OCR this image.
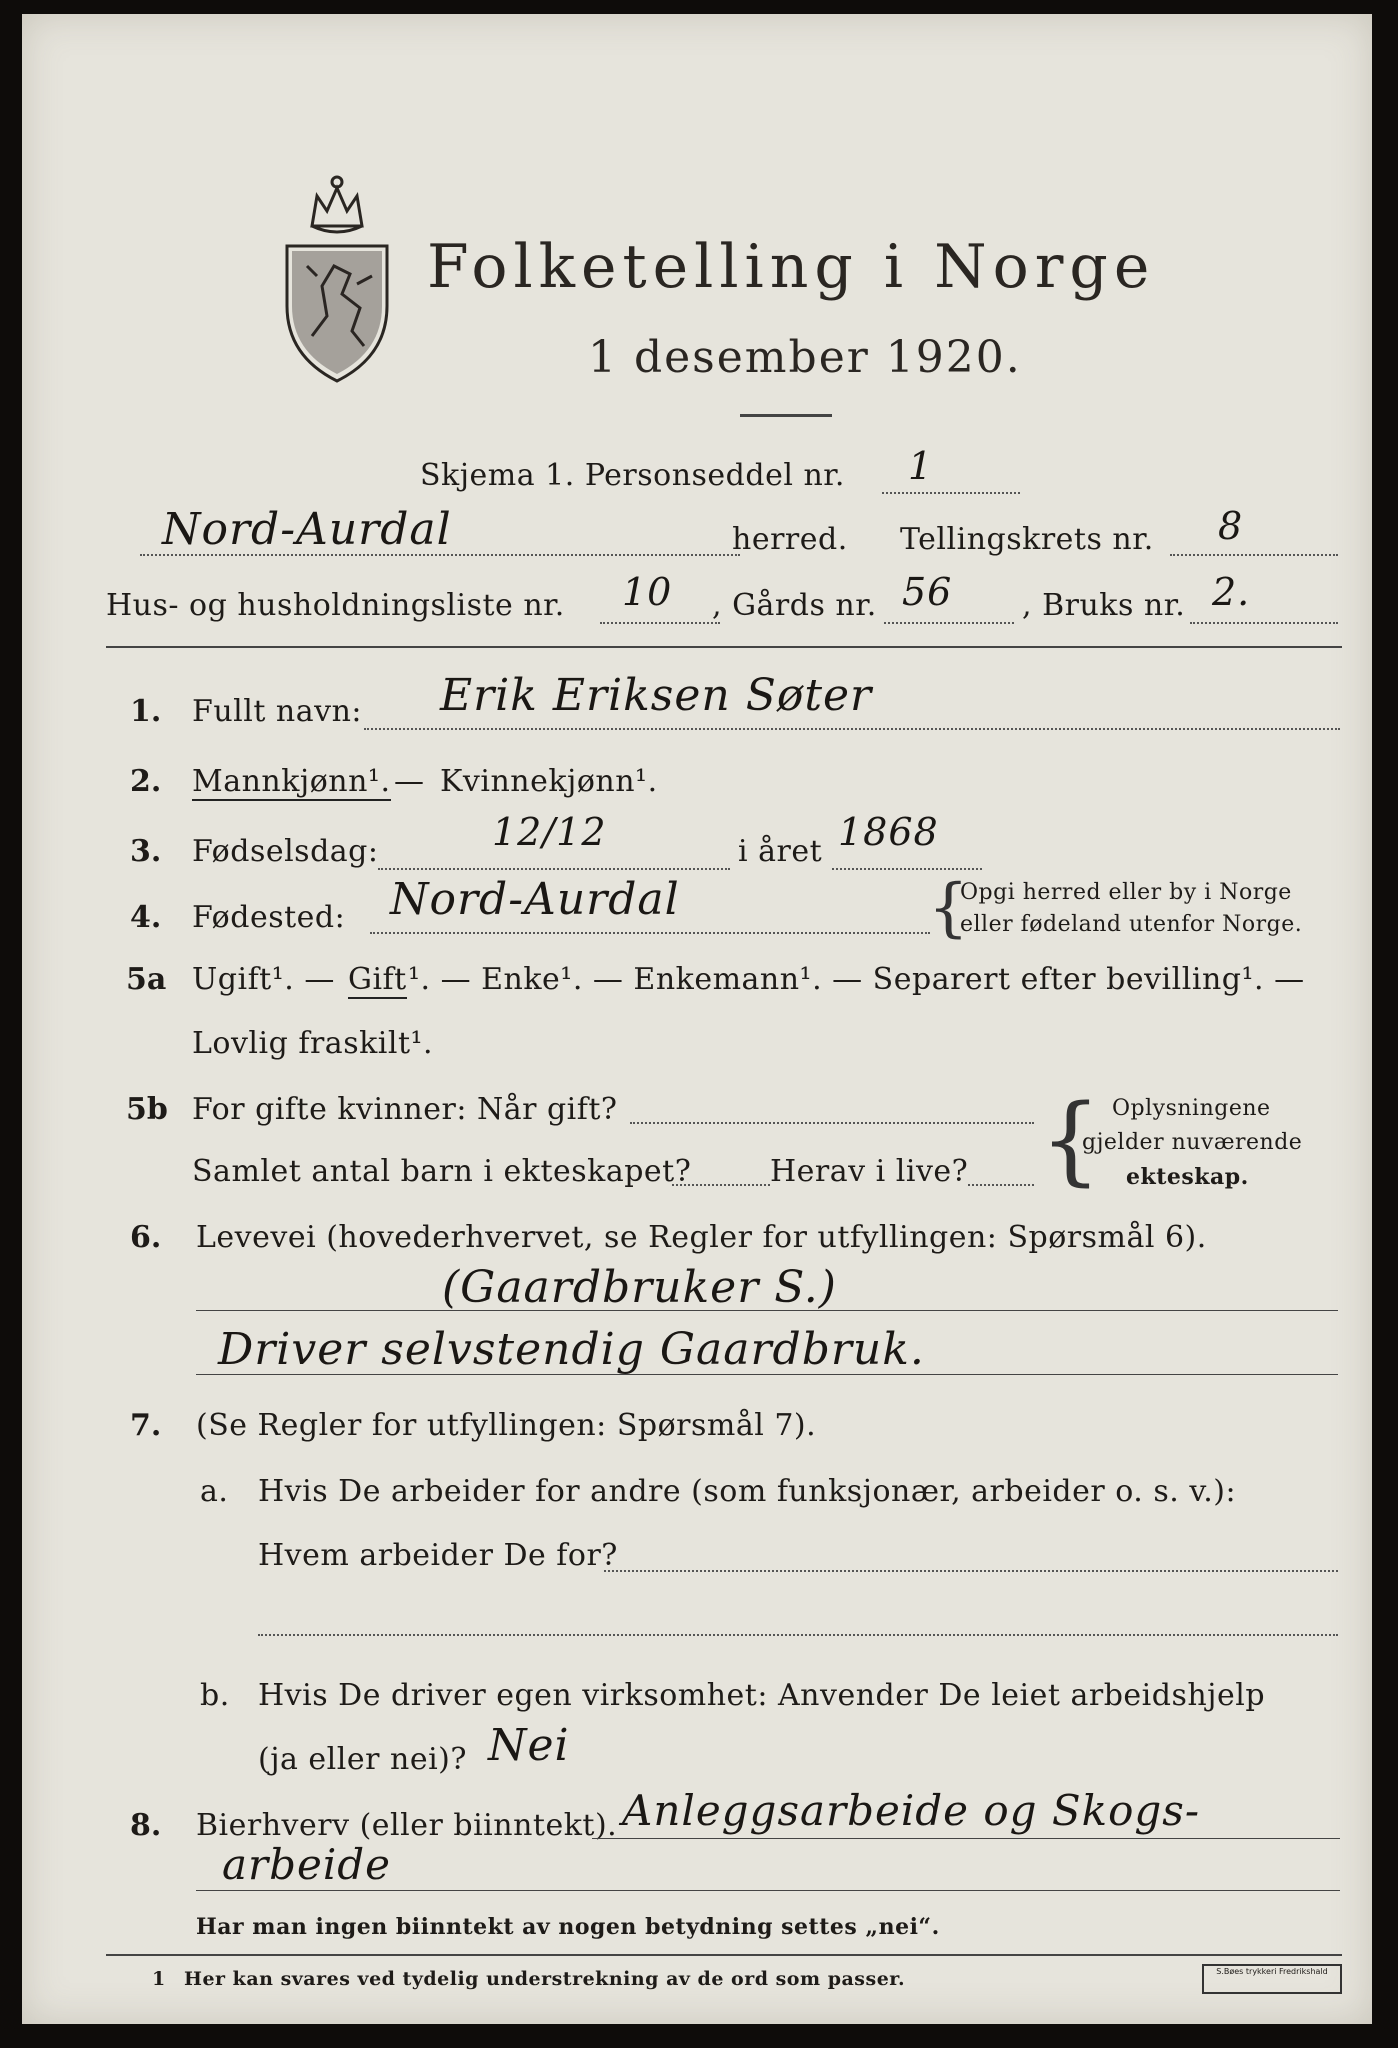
Folketelling i Norge
1 desember 1920.
Skjema 1. Personseddel nr. 1
Nord-Aurdal	herred. Tellingskrets nr. 8
Hus- og husholdningsliste nr. 10 , Gårds nr. 56 , Bruks nr. 2.
1. Fullt navn: Erik Eriksen Søter
2. Mannkjønn¹. — Kvinnekjønn¹.
3. Fødselsdag:	12/12	i året 1868
4. Fødested: Nord-Aurdal	{
Opgi herred eller by i Norge
eller fødeland utenfor Norge.
5a Ugift¹. — Gift ¹. — Enke¹. — Enkemann¹. — Separert efter bevilling¹. —
Lovlig fraskilt¹.
5b For gifte kvinner: Når gift?
Samlet antal barn i ekteskapet?	Herav i live? { Oplysningene
gjelder nuværende
ekteskap.
6. Levevei (hovederhvervet, se Regler for utfyllingen: Spørsmål 6).
(Gaardbruker S.)
Driver selvstendig Gaardbruk.
7. (Se Regler for utfyllingen: Spørsmål 7).
a. Hvis De arbeider for andre (som funksjonær, arbeider o. s. v.):
Hvem arbeider De for?
b. Hvis De driver egen virksomhet: Anvender De leiet arbeidshjelp
(ja eller nei)? Nei
8. Bierhverv (eller biinntekt). Anleggsarbeide og Skogs-
arbeide
Har man ingen biinntekt av nogen betydning settes „nei“.
1 Her kan svares ved tydelig understrekning av de ord som passer.	S.Bøes trykkeri Fredrikshald
